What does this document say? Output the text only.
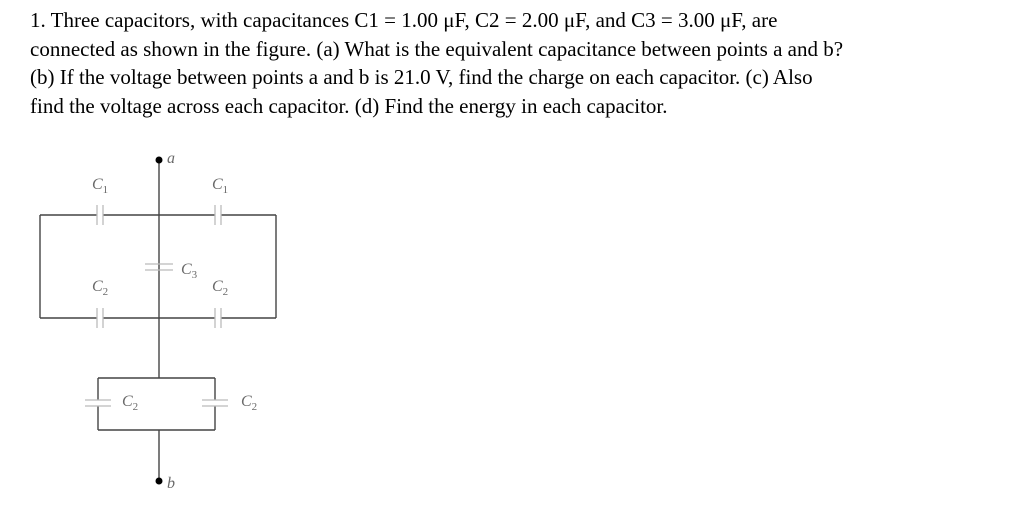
1. Three capacitors, with capacitances C1 = 1.00 μF, C2 = 2.00 μF, and C3 = 3.00 μF, are

connected as shown in the figure. (a) What is the equivalent capacitance between points a and b?

(b) If the voltage between points a and b is 21.0 V, find the charge on each capacitor. (c) Also

find the voltage across each capacitor. (d) Find the energy in each capacitor.

a
b
$C_1$	$C_1$
$C_2$	$C_2$
$C_3$
$C_2$	$C_2$
